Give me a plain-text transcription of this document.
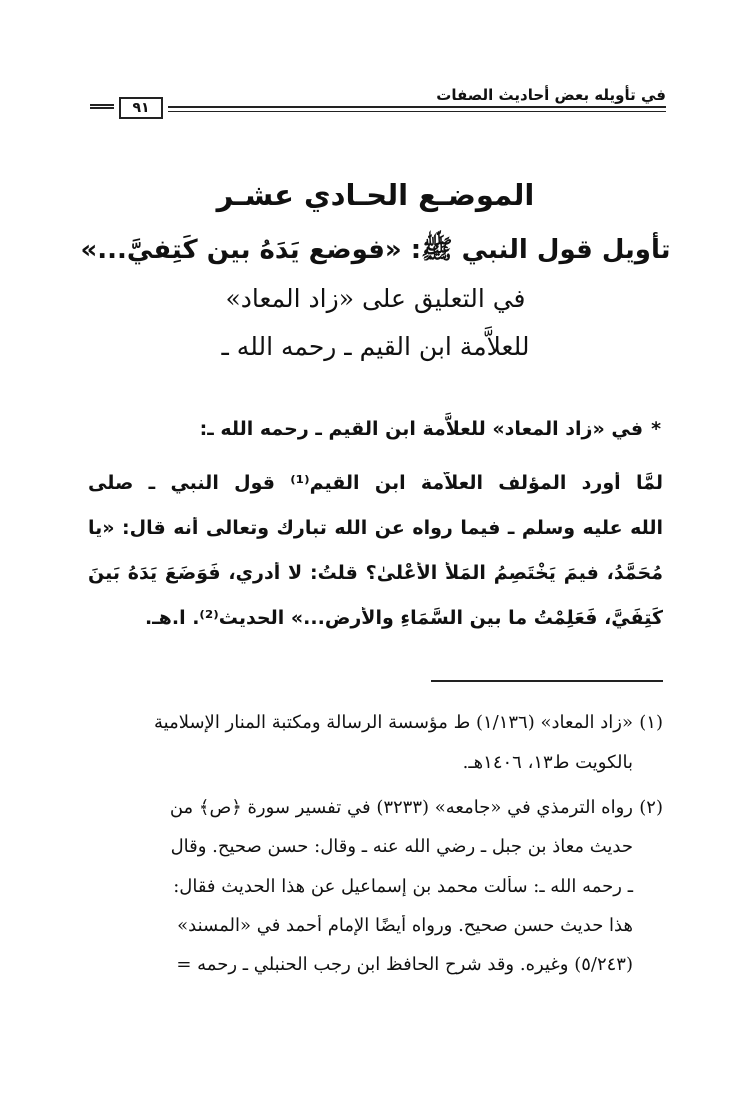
في تأويله بعض أحاديث الصفات
٩١
الموضـع الحـادي عشـر
تأويل قول النبي ﷺ: «فوضع يَدَهُ بين كَتِفيَّ...»
في التعليق على «زاد المعاد»
للعلاَّمة ابن القيم ـ رحمه الله ـ
*في «زاد المعاد» للعلاَّمة ابن القيم ـ رحمه الله ـ:
لمَّا أورد المؤلف العلاَّمة ابن القيم⁽¹⁾ قول النبي ـ صلى
الله عليه وسلم ـ فيما رواه عن الله تبارك وتعالى أنه قال: «يا
مُحَمَّدُ، فيمَ يَخْتَصِمُ المَلأُ الأَعْلىٰ؟ قلتُ: لا أدري، فَوَضَعَ يَدَهُ بَينَ
كَتِفَيَّ، فَعَلِمْتُ ما بين السَّمَاءِ والأرض...» الحديث⁽²⁾. ا.هـ.
(١)«زاد المعاد» (١/١٣٦) ط مؤسسة الرسالة ومكتبة المنار الإسلامية
بالكويت ط١٣، ١٤٠٦هـ.
(٢)رواه الترمذي في «جامعه» (٣٢٣٣) في تفسير سورة ﴿ص﴾ من
حديث معاذ بن جبل ـ رضي الله عنه ـ وقال: حسن صحيح. وقال
ـ رحمه الله ـ: سألت محمد بن إسماعيل عن هذا الحديث فقال:
هذا حديث حسن صحيح. ورواه أيضًا الإمام أحمد في «المسند»
(٥/٢٤٣) وغيره. وقد شرح الحافظ ابن رجب الحنبلي ـ رحمه =
